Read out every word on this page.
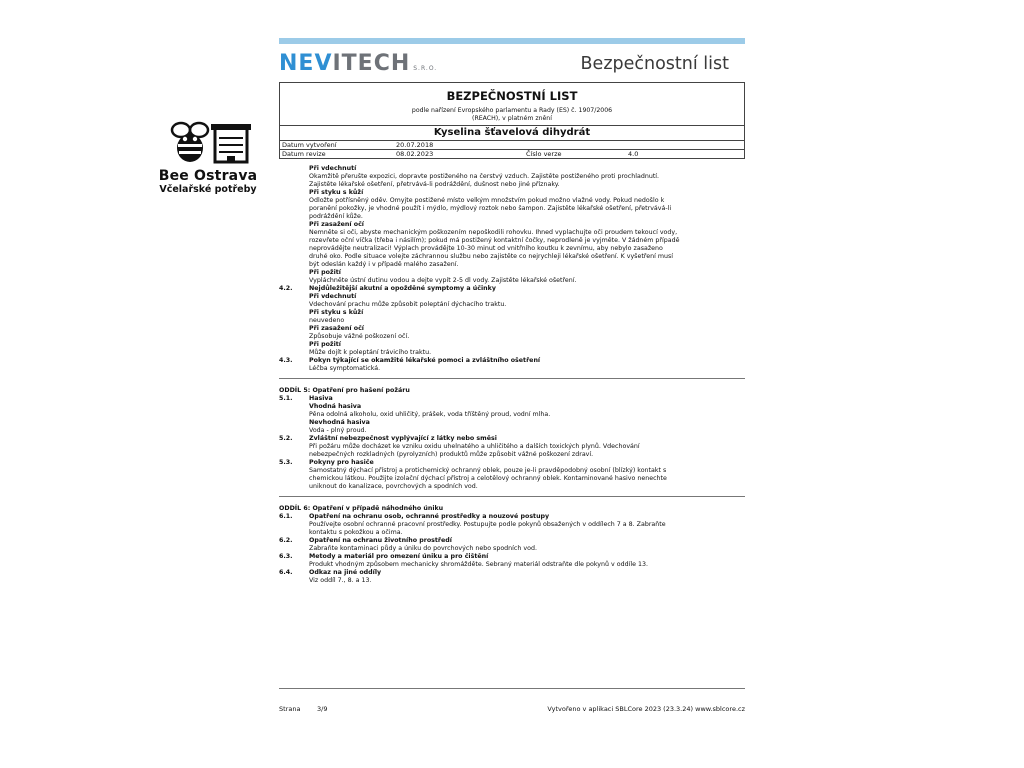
Bee Ostrava
Včelařské potřeby
NEVITECH S.R.O.	Bezpečnostní list
BEZPEČNOSTNÍ LIST
podle nařízení Evropského parlamentu a Rady (ES) č. 1907/2006
(REACH), v platném znění
Kyselina šťavelová dihydrát
Datum vytvoření	20.07.2018
Datum revize	08.02.2023	Číslo verze	4.0
Při vdechnutí
Okamžitě přerušte expozici, dopravte postiženého na čerstvý vzduch. Zajistěte postiženého proti prochladnutí.
Zajistěte lékařské ošetření, přetrvává-li podráždění, dušnost nebo jiné příznaky.
Při styku s kůží
Odložte potřísněný oděv. Omyjte postižené místo velkým množstvím pokud možno vlažné vody. Pokud nedošlo k
poranění pokožky, je vhodné použít i mýdlo, mýdlový roztok nebo šampon. Zajistěte lékařské ošetření, přetrvává-li
podráždění kůže.
Při zasažení očí
Nemněte si oči, abyste mechanickým poškozením nepoškodili rohovku. Ihned vyplachujte oči proudem tekoucí vody,
rozevřete oční víčka (třeba i násilím); pokud má postižený kontaktní čočky, neprodleně je vyjměte. V žádném případě
neprovádějte neutralizaci! Výplach provádějte 10-30 minut od vnitřního koutku k zevnímu, aby nebylo zasaženo
druhé oko. Podle situace volejte záchrannou službu nebo zajistěte co nejrychleji lékařské ošetření. K vyšetření musí
být odeslán každý i v případě malého zasažení.
Při požití
Vypláchněte ústní dutinu vodou a dejte vypít 2-5 dl vody. Zajistěte lékařské ošetření.
4.2.	Nejdůležitější akutní a opožděné symptomy a účinky
Při vdechnutí
Vdechování prachu může způsobit poleptání dýchacího traktu.
Při styku s kůží
neuvedeno
Při zasažení očí
Způsobuje vážné poškození očí.
Při požití
Může dojít k poleptání trávicího traktu.
4.3.	Pokyn týkající se okamžité lékařské pomoci a zvláštního ošetření
Léčba symptomatická.
ODDÍL 5: Opatření pro hašení požáru
5.1.	Hasiva
Vhodná hasiva
Pěna odolná alkoholu, oxid uhličitý, prášek, voda tříštěný proud, vodní mlha.
Nevhodná hasiva
Voda - plný proud.
5.2.	Zvláštní nebezpečnost vyplývající z látky nebo směsi
Při požáru může docházet ke vzniku oxidu uhelnatého a uhličitého a dalších toxických plynů. Vdechování
nebezpečných rozkladných (pyrolyzních) produktů může způsobit vážné poškození zdraví.
5.3.	Pokyny pro hasiče
Samostatný dýchací přístroj a protichemický ochranný oblek, pouze je-li pravděpodobný osobní (blízký) kontakt s
chemickou látkou. Použijte izolační dýchací přístroj a celotělový ochranný oblek. Kontaminované hasivo nenechte
uniknout do kanalizace, povrchových a spodních vod.
ODDÍL 6: Opatření v případě náhodného úniku
6.1.	Opatření na ochranu osob, ochranné prostředky a nouzové postupy
Používejte osobní ochranné pracovní prostředky. Postupujte podle pokynů obsažených v oddílech 7 a 8. Zabraňte
kontaktu s pokožkou a očima.
6.2.	Opatření na ochranu životního prostředí
Zabraňte kontaminaci půdy a úniku do povrchových nebo spodních vod.
6.3.	Metody a materiál pro omezení úniku a pro čištění
Produkt vhodným způsobem mechanicky shromážděte. Sebraný materiál odstraňte dle pokynů v oddíle 13.
6.4.	Odkaz na jiné oddíly
Viz oddíl 7., 8. a 13.
Strana	3/9	Vytvořeno v aplikaci SBLCore 2023 (23.3.24) www.sblcore.cz
